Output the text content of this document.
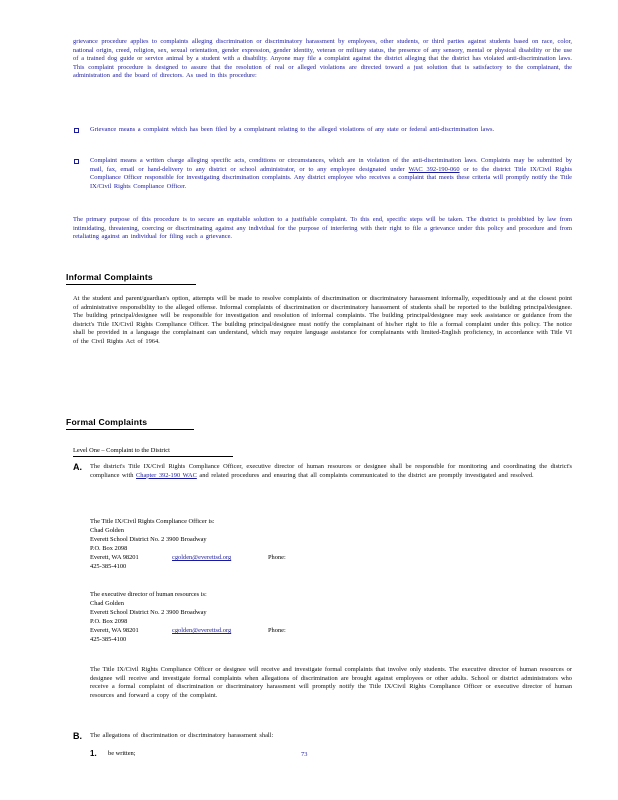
grievance procedure applies to complaints alleging discrimination or discriminatory harassment by employees, other students, or third parties against students based on race, color, national origin, creed, religion, sex, sexual orientation, gender expression, gender identity, veteran or military status, the presence of any sensory, mental or physical disability or the use of a trained dog guide or service animal by a student with a disability. Anyone may file a complaint against the district alleging that the district has violated anti-discrimination laws. This complaint procedure is designed to assure that the resolution of real or alleged violations are directed toward a just solution that is satisfactory to the complainant, the administration and the board of directors. As used in this procedure:
Grievance means a complaint which has been filed by a complainant relating to the alleged violations of any state or federal anti-discrimination laws.
Complaint means a written charge alleging specific acts, conditions or circumstances, which are in violation of the anti-discrimination laws. Complaints may be submitted by mail, fax, email or hand-delivery to any district or school administrator, or to any employee designated under WAC 392-190-060 or to the district Title IX/Civil Rights Compliance Officer responsible for investigating discrimination complaints. Any district employee who receives a complaint that meets these criteria will promptly notify the Title IX/Civil Rights Compliance Officer.
The primary purpose of this procedure is to secure an equitable solution to a justifiable complaint. To this end, specific steps will be taken. The district is prohibited by law from intimidating, threatening, coercing or discriminating against any individual for the purpose of interfering with their right to file a grievance under this policy and procedure and from retaliating against an individual for filing such a grievance.
Informal Complaints
At the student and parent/guardian's option, attempts will be made to resolve complaints of discrimination or discriminatory harassment informally, expeditiously and at the closest point of administrative responsibility to the alleged offense. Informal complaints of discrimination or discriminatory harassment of students shall be reported to the building principal/designee. The building principal/designee will be responsible for investigation and resolution of informal complaints. The building principal/designee may seek assistance or guidance from the district's Title IX/Civil Rights Compliance Officer. The building principal/designee must notify the complainant of his/her right to file a formal complaint under this policy. The notice shall be provided in a language the complainant can understand, which may require language assistance for complainants with limited-English proficiency, in accordance with Title VI of the Civil Rights Act of 1964.
Formal Complaints
Level One – Complaint to the District
A. The district's Title IX/Civil Rights Compliance Officer, executive director of human resources or designee shall be responsible for monitoring and coordinating the district's compliance with Chapter 392-190 WAC and related procedures and ensuring that all complaints communicated to the district are promptly investigated and resolved.
The Title IX/Civil Rights Compliance Officer is:
Chad Golden
Everett School District No. 2 3900 Broadway
P.O. Box 2098
Everett, WA 98201	cgolden@everettsd.org	Phone:
425-385-4100
The executive director of human resources is:
Chad Golden
Everett School District No. 2 3900 Broadway
P.O. Box 2098
Everett, WA 98201	cgolden@everettsd.org	Phone:
425-385-4100
The Title IX/Civil Rights Compliance Officer or designee will receive and investigate formal complaints that involve only students. The executive director of human resources or designee will receive and investigate formal complaints when allegations of discrimination are brought against employees or other adults. School or district administrators who receive a formal complaint of discrimination or discriminatory harassment will promptly notify the Title IX/Civil Rights Compliance Officer or executive director of human resources and forward a copy of the complaint.
B. The allegations of discrimination or discriminatory harassment shall:
1. be written;	73
